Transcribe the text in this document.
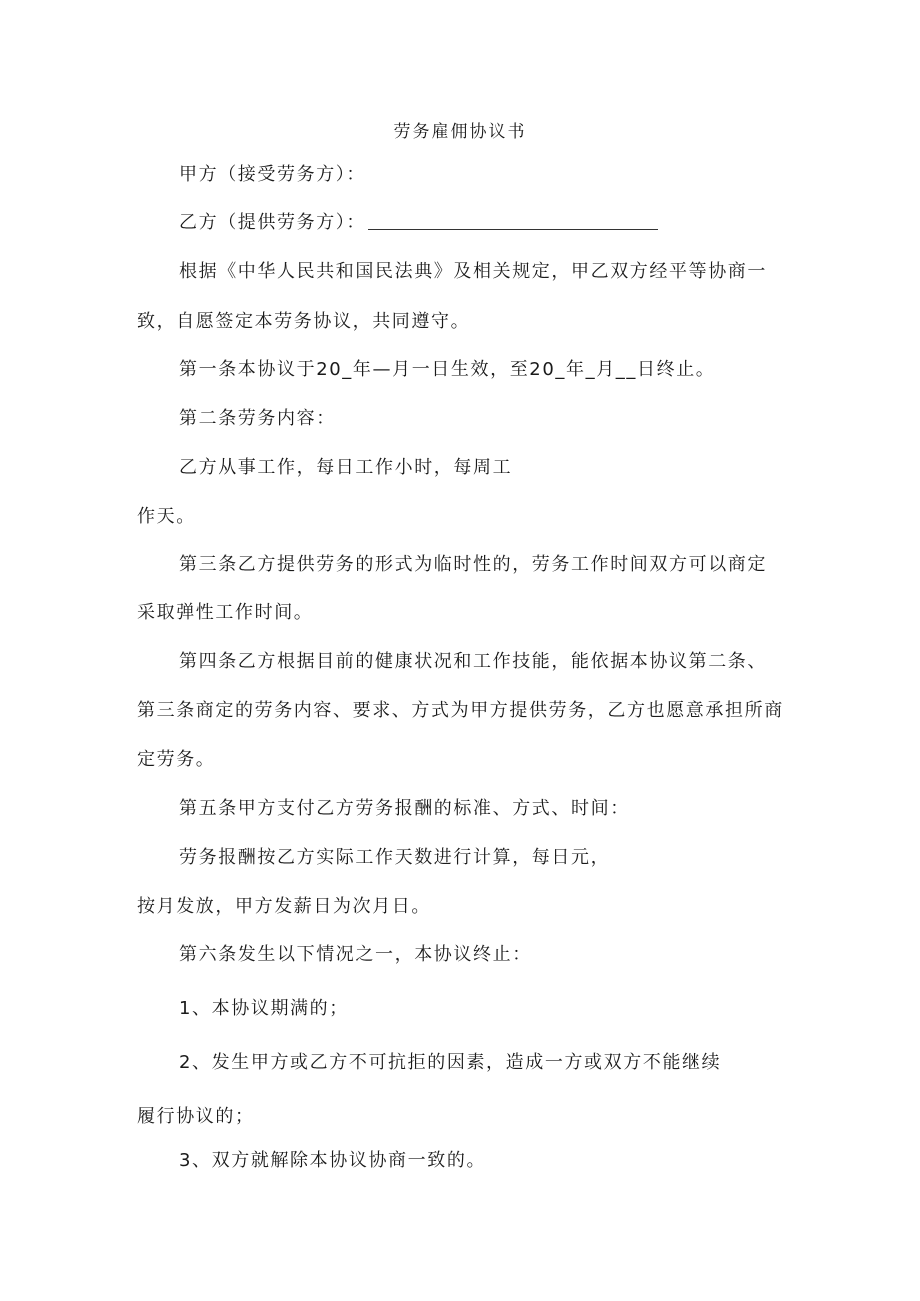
劳务雇佣协议书
甲方（接受劳务方）：
乙方（提供劳务方）：
根据《中华人民共和国民法典》及相关规定，甲乙双方经平等协商一
致，自愿签定本劳务协议，共同遵守。
第一条本协议于20_年—月一日生效，至20_年_月__日终止。
第二条劳务内容：
乙方从事工作，每日工作小时，每周工
作天。
第三条乙方提供劳务的形式为临时性的，劳务工作时间双方可以商定
采取弹性工作时间。
第四条乙方根据目前的健康状况和工作技能，能依据本协议第二条、
第三条商定的劳务内容、要求、方式为甲方提供劳务，乙方也愿意承担所商
定劳务。
第五条甲方支付乙方劳务报酬的标准、方式、时间：
劳务报酬按乙方实际工作天数进行计算，每日元，
按月发放，甲方发薪日为次月日。
第六条发生以下情况之一，本协议终止：
1、本协议期满的；
2、发生甲方或乙方不可抗拒的因素，造成一方或双方不能继续
履行协议的；
3、双方就解除本协议协商一致的。
